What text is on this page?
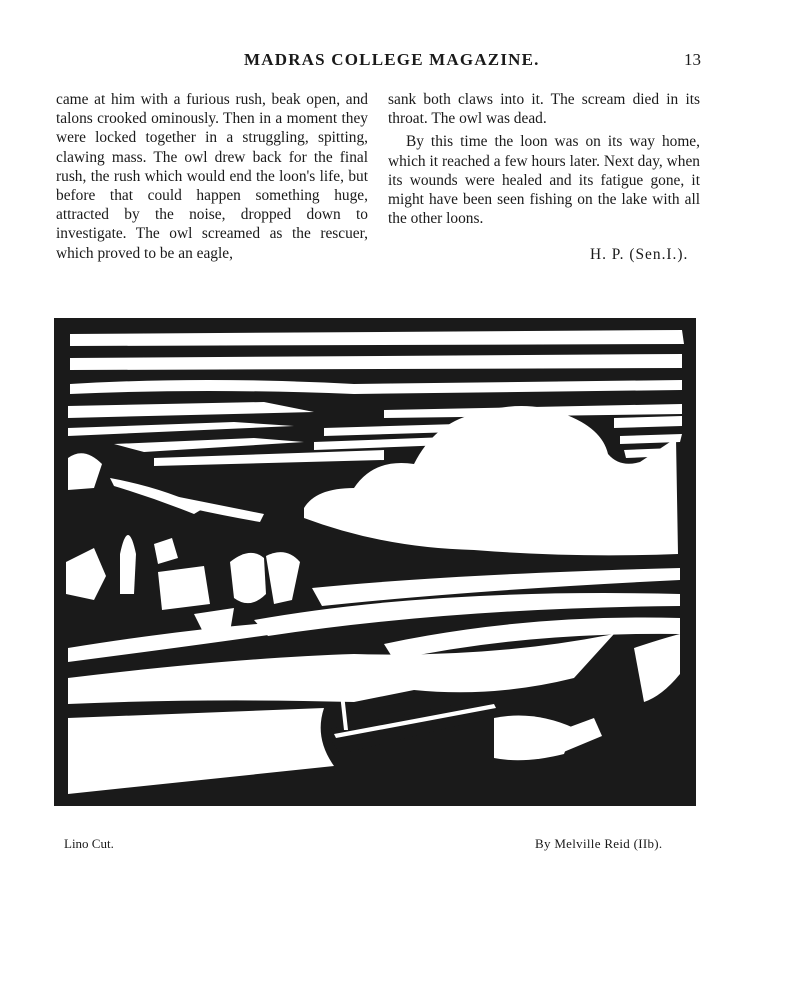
MADRAS COLLEGE MAGAZINE.	13

came at him with a furious rush, beak open, and talons crooked ominously. Then in a moment they were locked together in a struggling, spitting, clawing mass. The owl drew back for the final rush, the rush which would end the loon's life, but before that could happen something huge, attracted by the noise, dropped down to investigate. The owl screamed as the rescuer, which proved to be an eagle,

sank both claws into it. The scream died in its throat. The owl was dead.

By this time the loon was on its way home, which it reached a few hours later. Next day, when its wounds were healed and its fatigue gone, it might have been seen fishing on the lake with all the other loons.

H. P. (Sen.I.).
Lino Cut.	By Melville Reid (IIb).
